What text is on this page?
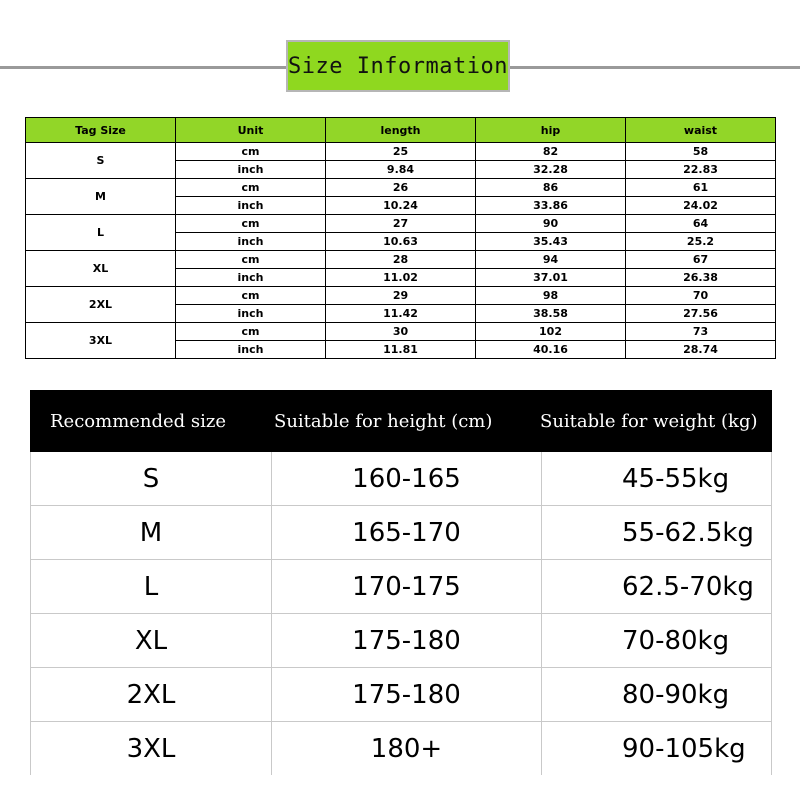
Size Information
Tag Size	Unit	length	hip	waist
S	cm	25	82	58
	inch	9.84	32.28	22.83
M	cm	26	86	61
	inch	10.24	33.86	24.02
L	cm	27	90	64
	inch	10.63	35.43	25.2
XL	cm	28	94	67
	inch	11.02	37.01	26.38
2XL	cm	29	98	70
	inch	11.42	38.58	27.56
3XL	cm	30	102	73
	inch	11.81	40.16	28.74
Recommended size	Suitable for height (cm)	Suitable for weight (kg)
S	160-165	45-55kg
M	165-170	55-62.5kg
L	170-175	62.5-70kg
XL	175-180	70-80kg
2XL	175-180	80-90kg
3XL	180+	90-105kg
